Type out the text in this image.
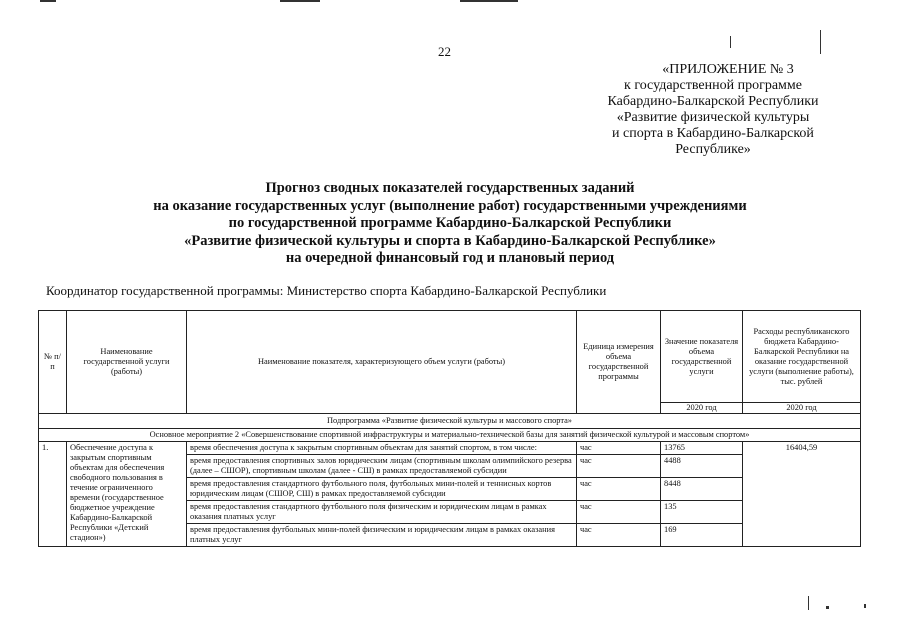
22
«ПРИЛОЖЕНИЕ № 3
к государственной программе
Кабардино-Балкарской Республики
«Развитие физической культуры
и спорта в Кабардино-Балкарской
Республике»
Прогноз сводных показателей государственных заданий
на оказание государственных услуг (выполнение работ) государственными учреждениями
по государственной программе Кабардино-Балкарской Республики
«Развитие физической культуры и спорта в Кабардино-Балкарской Республике»
на очередной финансовый год и плановый период
Координатор государственной программы: Министерство спорта Кабардино-Балкарской Республики
№ п/п	Наименование государственной услуги (работы)	Наименование показателя, характеризующего объем услуги (работы)	Единица измерения объема государственной программы	Значение показателя объема государственной услуги	Расходы республиканского бюджета Кабардино-Балкарской Республики на оказание государственной услуги (выполнение работы), тыс. рублей
				2020 год	2020 год
Подпрограмма «Развитие физической культуры и массового спорта»					
Основное мероприятие 2 «Совершенствование спортивной инфраструктуры и материально-технической базы для занятий физической культурой и массовым спортом»					
1.	Обеспечение доступа к закрытым спортивным объектам для обеспечения свободного пользования в течение ограниченного времени (государственное бюджетное учреждение Кабардино-Балкарской Республики «Детский стадион»)	время обеспечения доступа к закрытым спортивным объектам для занятий спортом, в том числе:	час	13765	16404,59
		время предоставления спортивных залов юридическим лицам (спортивным школам олимпийского резерва (далее – СШОР), спортивным школам (далее - СШ) в рамках предоставляемой субсидии	час	4488	
		время предоставления стандартного футбольного поля, футбольных мини-полей и теннисных кортов юридическим лицам (СШОР, СШ) в рамках предоставляемой субсидии	час	8448	
		время предоставления стандартного футбольного поля физическим и юридическим лицам в рамках оказания платных услуг	час	135	
		время предоставления футбольных мини-полей физическим и юридическим лицам в рамках оказания платных услуг	час	169	
